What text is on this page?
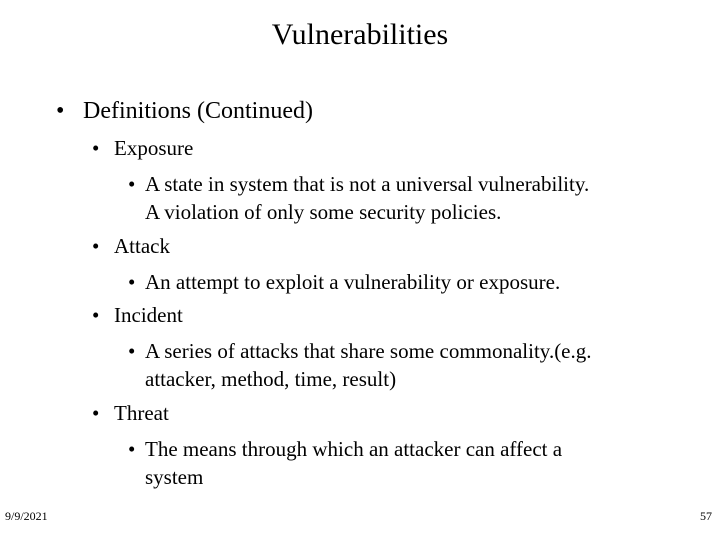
Vulnerabilities
• Definitions (Continued)
• Exposure
• A state in system that is not a universal vulnerability.
A violation of only some security policies.
• Attack
• An attempt to exploit a vulnerability or exposure.
• Incident
• A series of attacks that share some commonality.(e.g.
attacker, method, time, result)
• Threat
• The means through which an attacker can affect a
system
9/9/2021	57
